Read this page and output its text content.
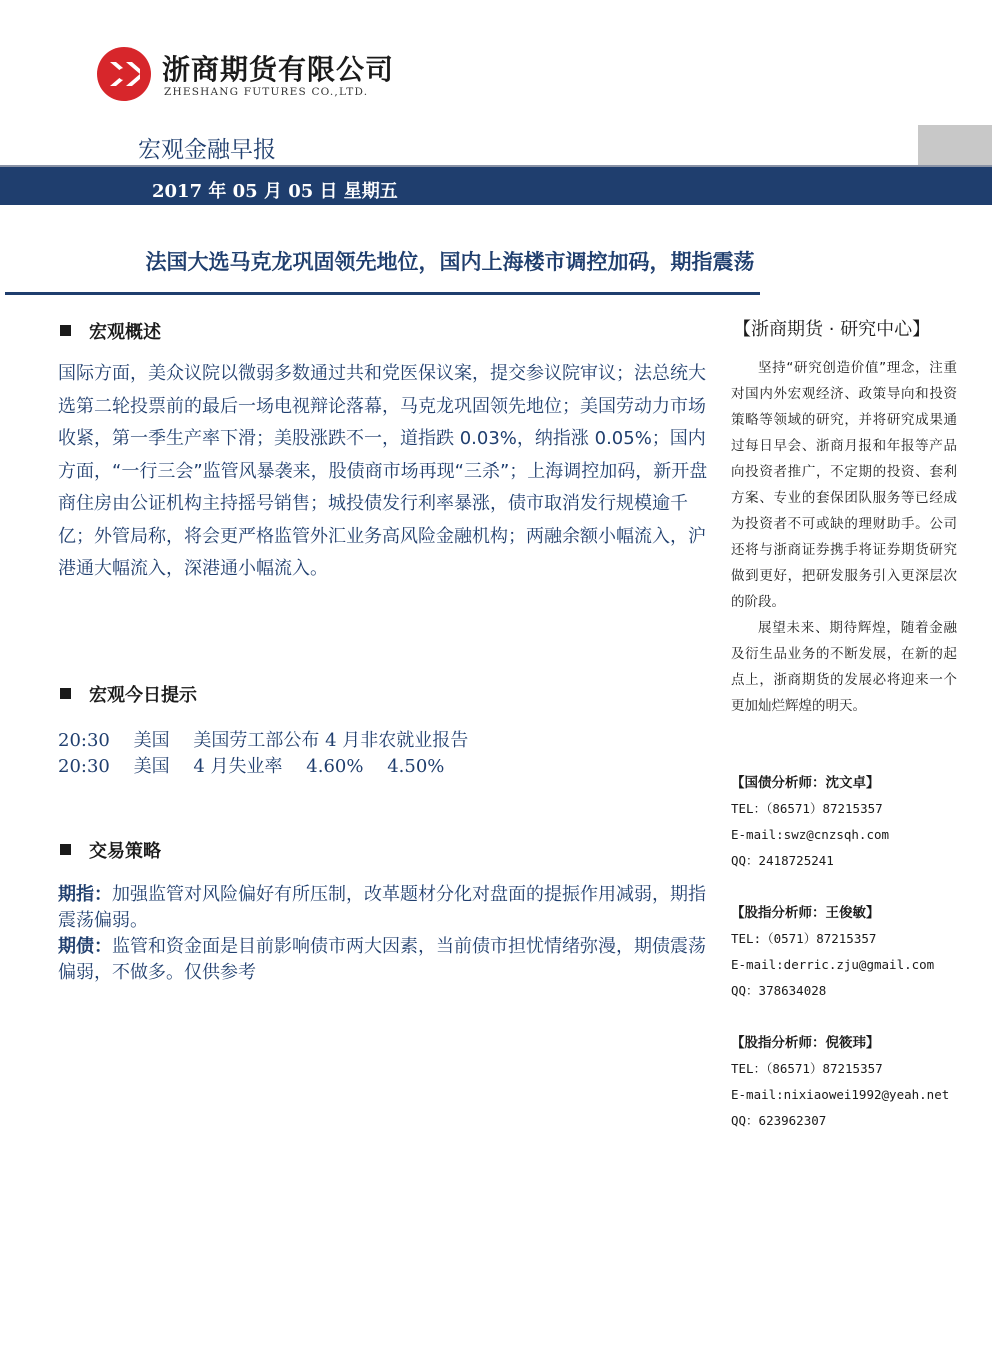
浙商期货有限公司
ZHESHANG FUTURES CO.,LTD.
宏观金融早报
2017 年 05 月 05 日 星期五
法国大选马克龙巩固领先地位，国内上海楼市调控加码，期指震荡
宏观概述
国际方面，美众议院以微弱多数通过共和党医保议案，提交参议院审议；法总统大选第二轮投票前的最后一场电视辩论落幕，马克龙巩固领先地位；美国劳动力市场收紧，第一季生产率下滑；美股涨跌不一，道指跌 0.03%，纳指涨 0.05%；国内方面，“一行三会”监管风暴袭来，股债商市场再现“三杀”；上海调控加码，新开盘商住房由公证机构主持摇号销售；城投债发行利率暴涨，债市取消发行规模逾千亿；外管局称，将会更严格监管外汇业务高风险金融机构；两融余额小幅流入，沪港通大幅流入，深港通小幅流入。
宏观今日提示
20:30 美国 美国劳工部公布 4 月非农就业报告
20:30 美国 4 月失业率 4.60% 4.50%
交易策略
期指：加强监管对风险偏好有所压制，改革题材分化对盘面的提振作用减弱，期指震荡偏弱。
期债：监管和资金面是目前影响债市两大因素，当前债市担忧情绪弥漫，期债震荡偏弱，不做多。仅供参考
【浙商期货 · 研究中心】

坚持“研究创造价值”理念，注重对国内外宏观经济、政策导向和投资策略等领域的研究，并将研究成果通过每日早会、浙商月报和年报等产品向投资者推广，不定期的投资、套利方案、专业的套保团队服务等已经成为投资者不可或缺的理财助手。公司还将与浙商证券携手将证券期货研究做到更好，把研发服务引入更深层次的阶段。

展望未来、期待辉煌，随着金融及衍生品业务的不断发展，在新的起点上，浙商期货的发展必将迎来一个更加灿烂辉煌的明天。

【国债分析师：沈文卓】
TEL：（86571）87215357
E-mail:swz@cnzsqh.com
QQ：2418725241
【股指分析师：王俊敏】
TEL:（0571）87215357
E-mail:derric.zju@gmail.com
QQ：378634028
【股指分析师：倪筱玮】
TEL：（86571）87215357
E-mail:nixiaowei1992@yeah.net
QQ：623962307
